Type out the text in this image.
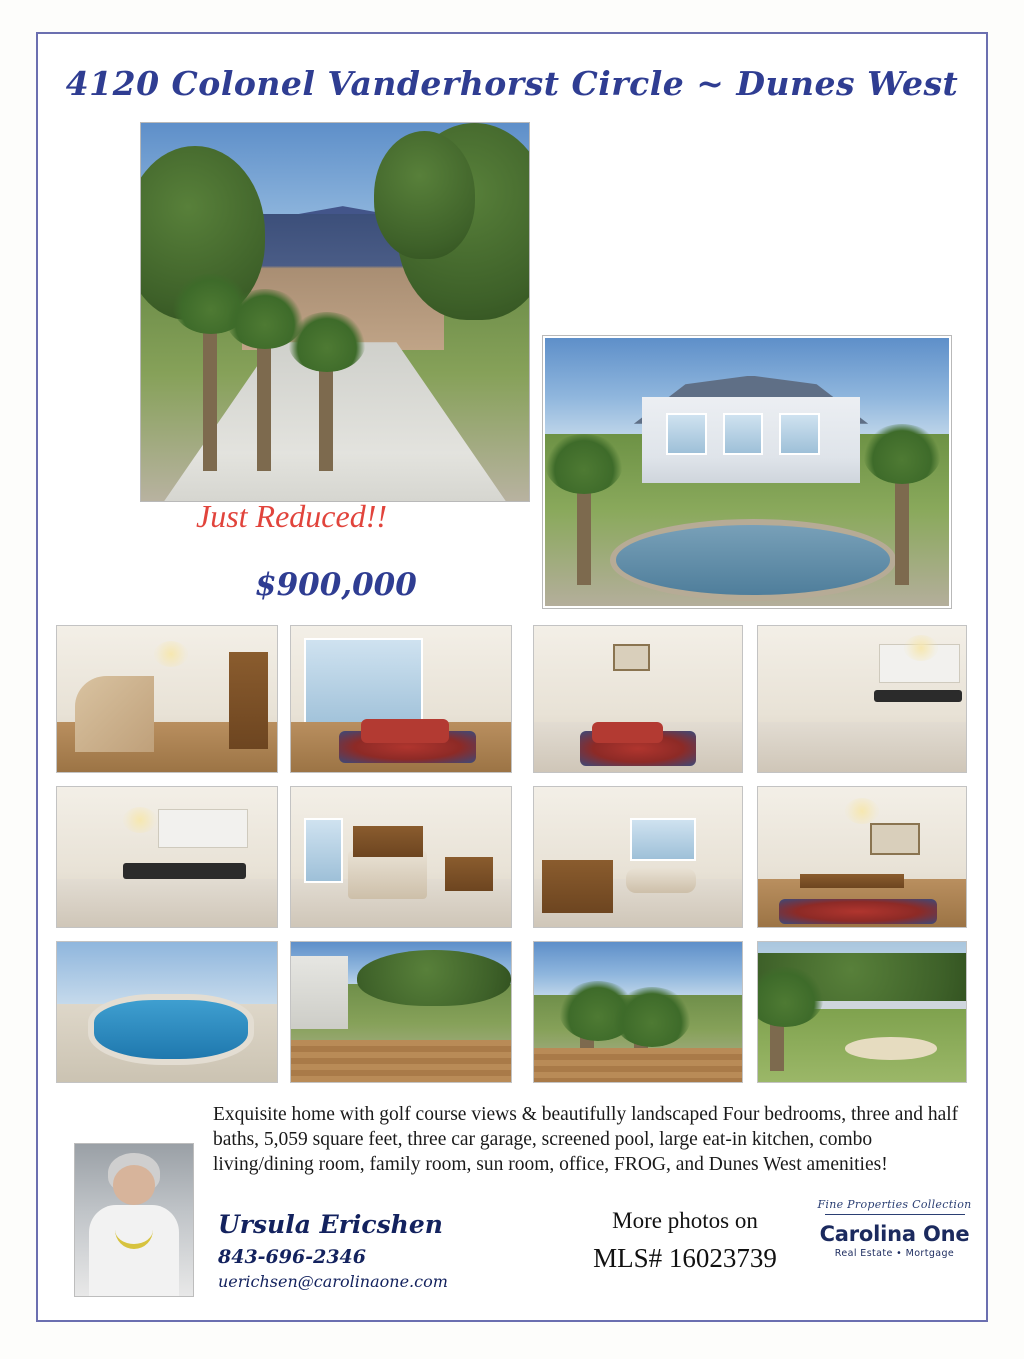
4120 Colonel Vanderhorst Circle ~ Dunes West
Just Reduced!!
$900,000
Exquisite home with golf course views & beautifully landscaped Four bedrooms, three and half baths, 5,059 square feet, three car garage, screened pool, large eat-in kitchen, combo living/dining room, family room, sun room, office, FROG, and Dunes West amenities!
Ursula Ericshen
843-696-2346
uerichsen@carolinaone.com
More photos on
MLS# 16023739
Fine Properties Collection
Carolina One
Real Estate • Mortgage
